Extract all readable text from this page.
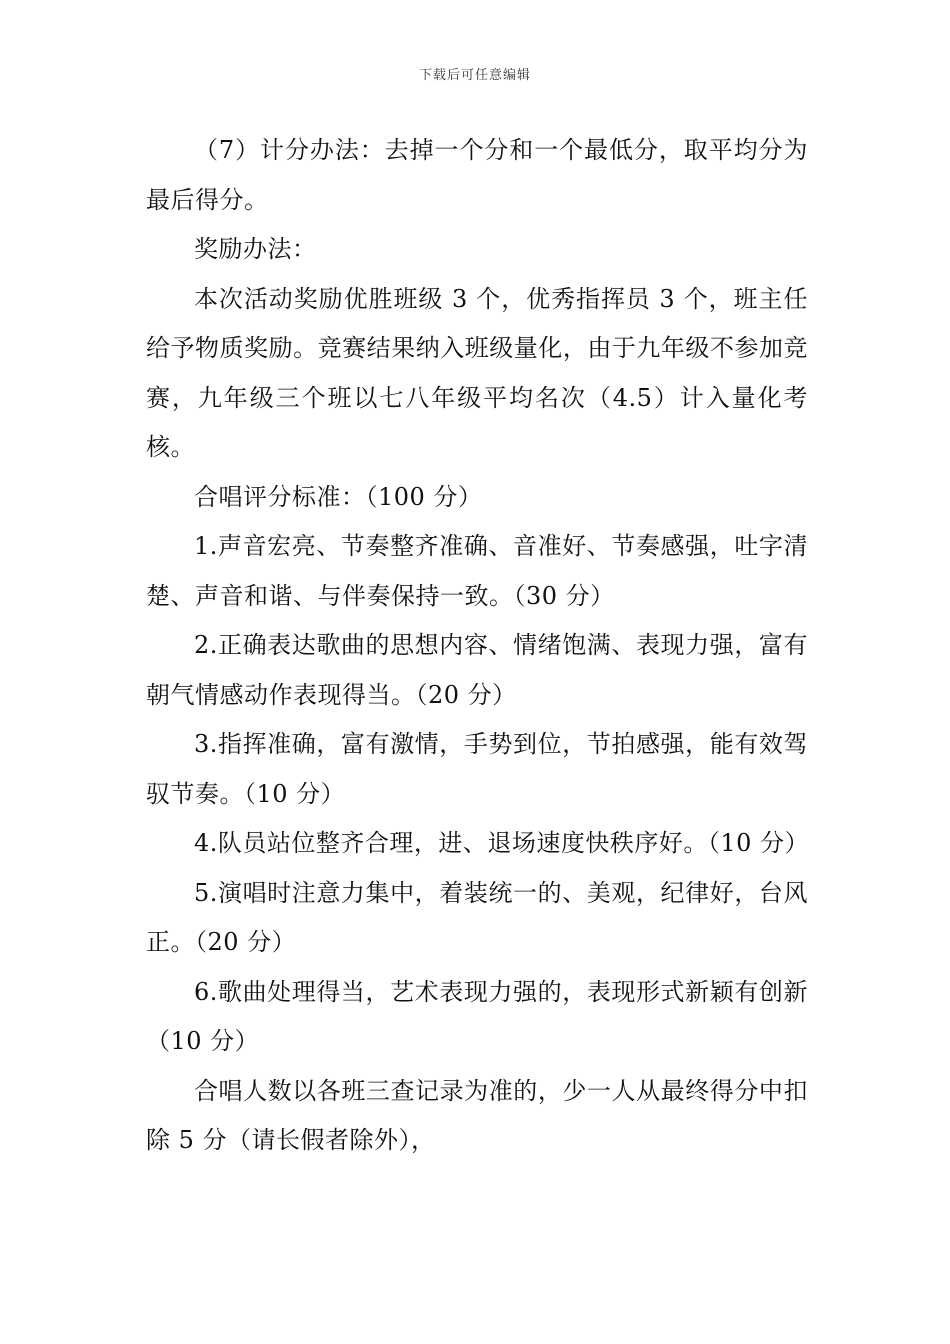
下载后可任意编辑

（7）计分办法：去掉一个分和一个最低分，取平均分为最后得分。

奖励办法：

本次活动奖励优胜班级 3 个，优秀指挥员 3 个，班主任给予物质奖励。竞赛结果纳入班级量化，由于九年级不参加竞赛，九年级三个班以七八年级平均名次（4.5）计入量化考核。

合唱评分标准：（100 分）

1.声音宏亮、节奏整齐准确、音准好、节奏感强，吐字清楚、声音和谐、与伴奏保持一致。（30 分）

2.正确表达歌曲的思想内容、情绪饱满、表现力强，富有朝气情感动作表现得当。（20 分）

3.指挥准确，富有激情，手势到位，节拍感强，能有效驾驭节奏。（10 分）

4.队员站位整齐合理，进、退场速度快秩序好。（10 分）

5.演唱时注意力集中，着装统一的、美观，纪律好，台风正。（20 分）

6.歌曲处理得当，艺术表现力强的，表现形式新颖有创新（10 分）

合唱人数以各班三查记录为准的，少一人从最终得分中扣除 5 分（请长假者除外），
